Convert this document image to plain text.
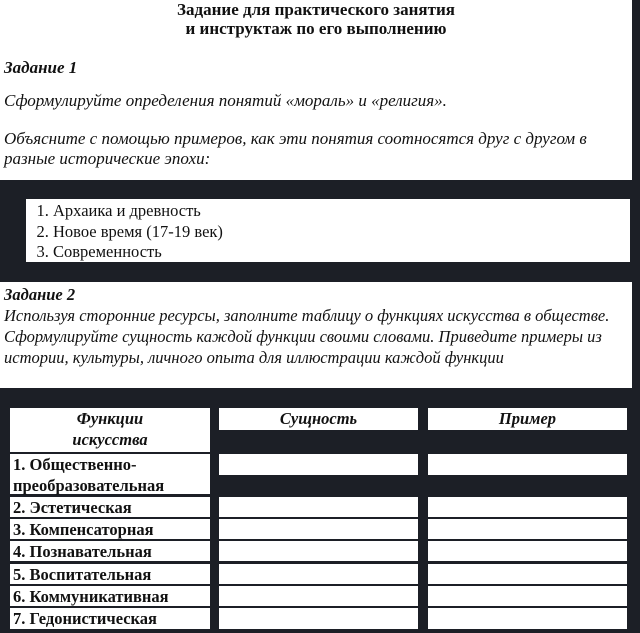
Задание для практического занятия
и инструктаж по его выполнению
Задание 1
Сформулируйте определения понятий «мораль» и «религия».
Объясните с помощью примеров, как эти понятия соотносятся друг с другом в разные исторические эпохи:
1. Архаика и древность
2. Новое время (17-19 век)
3. Современность
Задание 2
Используя сторонние ресурсы, заполните таблицу о функциях искусства в обществе. Сформулируйте сущность каждой функции своими словами. Приведите примеры из истории, культуры, личного опыта для иллюстрации каждой функции
Функции
искусства
Сущность	Пример
1. Общественно-
преобразовательная
2. Эстетическая
3. Компенсаторная
4. Познавательная
5. Воспитательная
6. Коммуникативная
7. Гедонистическая
